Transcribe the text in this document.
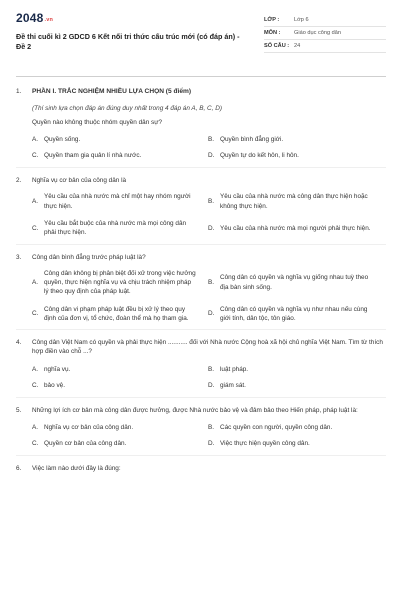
2048.vn
Đề thi cuối kì 2 GDCD 6 Kết nối tri thức cấu trúc mới (có đáp án) - Đề 2
LỚP :	Lớp 6
MÔN :	Giáo dục công dân
SỐ CÂU : 24
1.	PHẦN I. TRẮC NGHIỆM NHIỀU LỰA CHỌN (5 điểm)
(Thí sinh lựa chọn đáp án đúng duy nhất trong 4 đáp án A, B, C, D)
Quyền nào không thuộc nhóm quyền dân sự?
A. Quyền sống.	B. Quyền bình đẳng giới.
C. Quyền tham gia quản lí nhà nước.	D. Quyền tự do kết hôn, li hôn.
2.	Nghĩa vụ cơ bản của công dân là
A.
Yêu cầu của nhà nước mà chỉ một hay nhóm người thực hiện.
B.
Yêu cầu của nhà nước mà công dân thực hiện hoặc không thực hiện.
C.
Yêu cầu bắt buộc của nhà nước mà mọi công dân phải thực hiện.
D. Yêu cầu của nhà nước mà mọi người phải thực hiện.
3.	Công dân bình đẳng trước pháp luật là?
A.
Công dân không bị phân biệt đối xử trong việc hưởng quyền, thực hiện nghĩa vụ và chịu trách nhiệm pháp lý theo quy định của pháp luật.
B.
Công dân có quyền và nghĩa vụ giống nhau tuỳ theo địa bàn sinh sống.
C.
Công dân vi phạm pháp luật đều bị xử lý theo quy định của đơn vị, tổ chức, đoàn thể mà họ tham gia.
D.
Công dân có quyền và nghĩa vụ như nhau nếu cùng giới tính, dân tộc, tôn giáo.
4.	Công dân Việt Nam có quyền và phải thực hiện ........... đối với Nhà nước Cộng hoà xã hội chủ nghĩa Việt Nam. Tìm từ thích hợp điền vào chỗ ...?
A. nghĩa vụ.	B. luật pháp.
C. bảo vệ.	D. giám sát.
5.	Những lợi ích cơ bản mà công dân được hưởng, được Nhà nước bảo vệ và đảm bảo theo Hiến pháp, pháp luật là:
A. Nghĩa vụ cơ bản của công dân.	B. Các quyền con người, quyền công dân.
C. Quyền cơ bản của công dân.	D. Việc thực hiện quyền công dân.
6.	Việc làm nào dưới đây là đúng:
